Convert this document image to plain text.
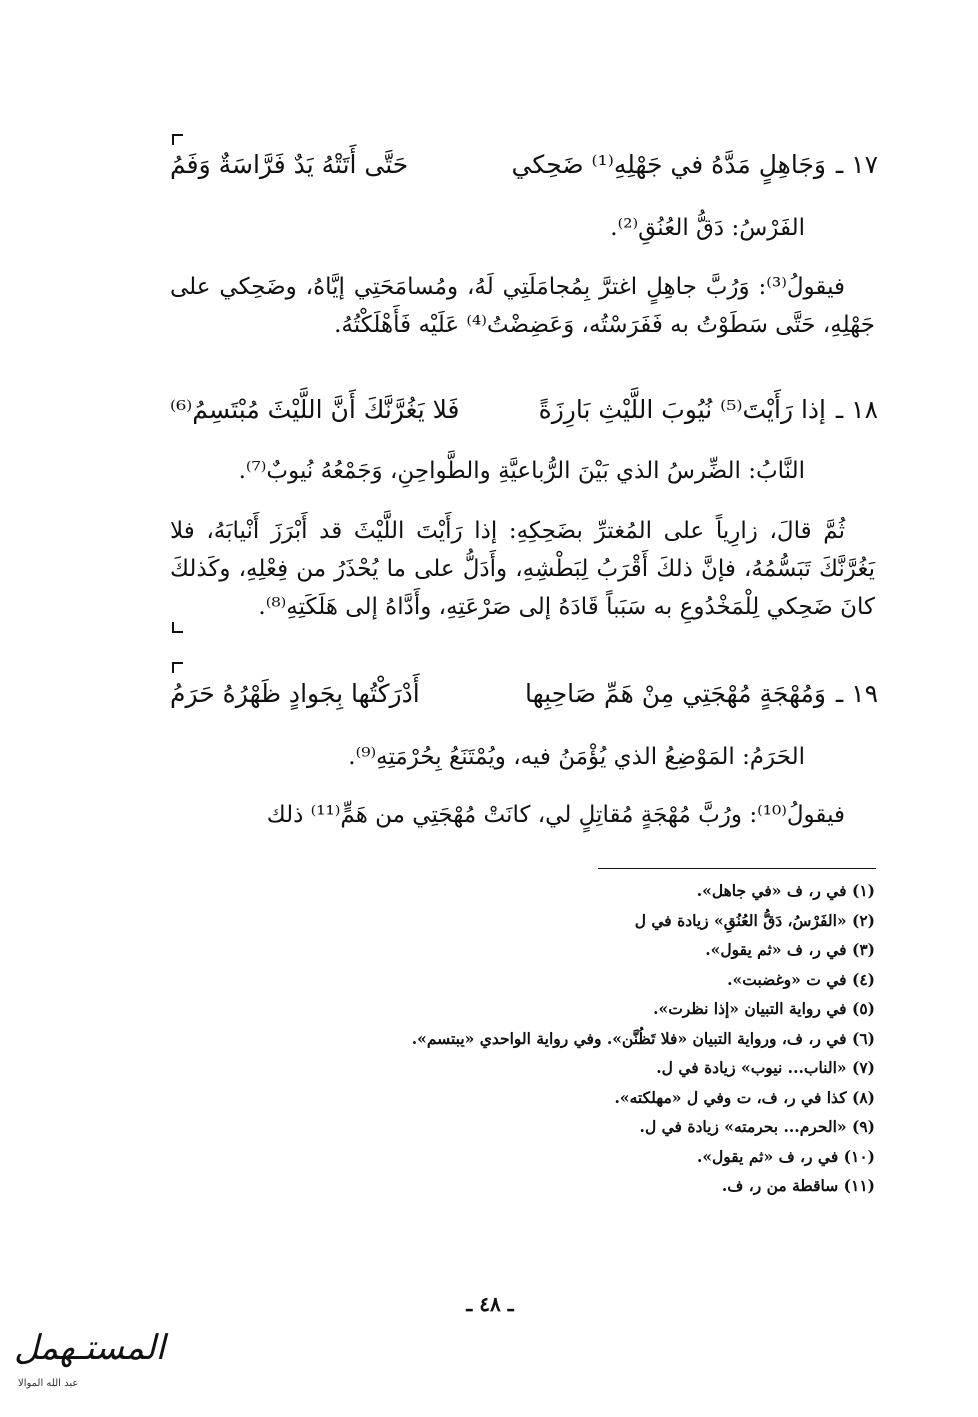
١٧ ـ
وَجَاهِلٍ مَدَّهُ في جَهْلِهِ⁽¹⁾ ضَحِكي
حَتَّى أَتَتْهُ يَدٌ فَرَّاسَةٌ وَفَمُ
الفَرْسُ: دَقُّ العُنُقِ⁽²⁾.
فيقولُ⁽³⁾: وَرُبَّ جاهِلٍ اغترَّ بِمُجامَلَتِي لَهُ، ومُسامَحَتِي إيَّاهُ، وضَحِكي على جَهْلِهِ، حَتَّى سَطَوْتُ به فَفَرَسْتُه، وَعَضِضْتُ⁽⁴⁾ عَلَيْه فَأَهْلَكْتُهُ.
١٨ ـ
إذا رَأَيْتَ⁽⁵⁾ نُيُوبَ اللَّيْثِ بَارِزَةً
فَلا يَغُرَّنَّكَ أَنَّ اللَّيْثَ مُبْتَسِمُ⁽⁶⁾
النَّابُ: الضِّرسُ الذي بَيْنَ الرُّباعيَّةِ والطَّواحِنِ، وَجَمْعُهُ نُيوبٌ⁽⁷⁾.
ثُمَّ قالَ، زارِياً على المُغترِّ بضَحِكِهِ: إذا رَأَيْتَ اللَّيْثَ قد أَبْرَزَ أَنْيابَهُ، فلا يَغُرَّنَّكَ تَبَسُّمُهُ، فإنَّ ذلكَ أَقْرَبُ لِبَطْشِهِ، وأَدَلُّ على ما يُحْذَرُ من فِعْلِهِ، وكَذلكَ كانَ ضَحِكي لِلْمَخْدُوعِ به سَبَباً قَادَهُ إلى صَرْعَتِهِ، وأَدَّاهُ إلى هَلَكَتِهِ⁽⁸⁾.
١٩ ـ
وَمُهْجَةٍ مُهْجَتِي مِنْ هَمِّ صَاحِبِها
أَدْرَكْتُها بِجَوادٍ ظَهْرُهُ حَرَمُ
الحَرَمُ: المَوْضِعُ الذي يُؤْمَنُ فيه، ويُمْتَنَعُ بِحُرْمَتِهِ⁽⁹⁾.
فيقولُ⁽¹⁰⁾: ورُبَّ مُهْجَةٍ مُقاتِلٍ لي، كانَتْ مُهْجَتِي من هَمٍّ⁽¹¹⁾ ذلك
(١) في ر، ف «في جاهل».
(٢) «الفَرْسُ، دَقُّ العُنُقِ» زيادة في ل
(٣) في ر، ف «ثم يقول».
(٤) في ت «وغضبت».
(٥) في رواية التبيان «إذا نظرت».
(٦) في ر، ف، ورواية التبيان «فلا تَظُنَّن». وفي رواية الواحدي «يبتسم».
(٧) «الناب... نيوب» زيادة في ل.
(٨) كذا في ر، ف، ت وفي ل «مهلكته».
(٩) «الحرم... بحرمته» زيادة في ل.
(١٠) في ر، ف «ثم يقول».
(١١) ساقطة من ر، ف.
ـ ٤٨ ـ
المستـهمل
عبد الله الموالا
